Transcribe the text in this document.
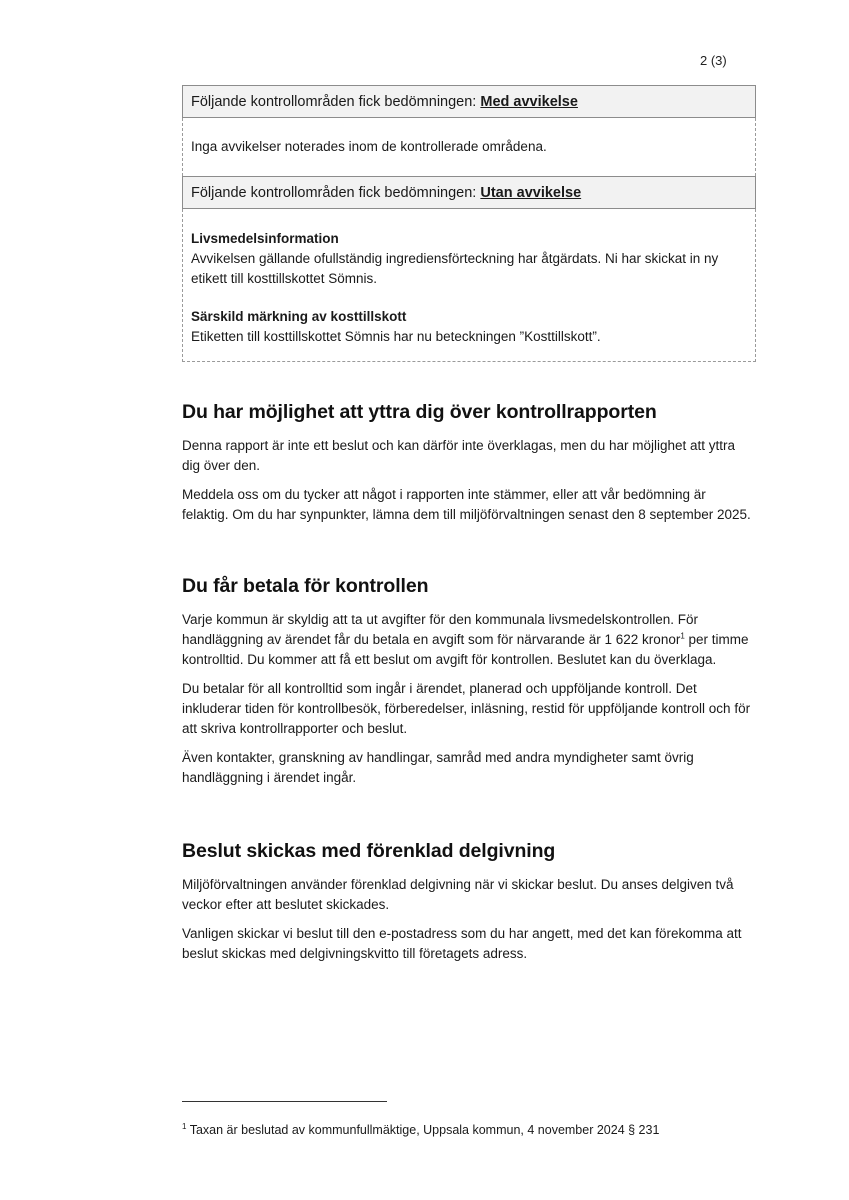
2 (3)
Följande kontrollområden fick bedömningen: Med avvikelse
Inga avvikelser noterades inom de kontrollerade områdena.
Följande kontrollområden fick bedömningen: Utan avvikelse

Livsmedelsinformation

Avvikelsen gällande ofullständig ingrediensförteckning har åtgärdats. Ni har skickat in ny etikett till kosttillskottet Sömnis.

Särskild märkning av kosttillskott

Etiketten till kosttillskottet Sömnis har nu beteckningen ”Kosttillskott”.

Du har möjlighet att yttra dig över kontrollrapporten

Denna rapport är inte ett beslut och kan därför inte överklagas, men du har möjlighet att yttra dig över den.

Meddela oss om du tycker att något i rapporten inte stämmer, eller att vår bedömning är felaktig. Om du har synpunkter, lämna dem till miljöförvaltningen senast den 8 september 2025.

Du får betala för kontrollen

Varje kommun är skyldig att ta ut avgifter för den kommunala livsmedelskontrollen. För handläggning av ärendet får du betala en avgift som för närvarande är 1 622 kronor$^1$ per timme kontrolltid. Du kommer att få ett beslut om avgift för kontrollen. Beslutet kan du överklaga.

Du betalar för all kontrolltid som ingår i ärendet, planerad och uppföljande kontroll. Det inkluderar tiden för kontrollbesök, förberedelser, inläsning, restid för uppföljande kontroll och för att skriva kontrollrapporter och beslut.

Även kontakter, granskning av handlingar, samråd med andra myndigheter samt övrig handläggning i ärendet ingår.

Beslut skickas med förenklad delgivning

Miljöförvaltningen använder förenklad delgivning när vi skickar beslut. Du anses delgiven två veckor efter att beslutet skickades.

Vanligen skickar vi beslut till den e-postadress som du har angett, med det kan förekomma att beslut skickas med delgivningskvitto till företagets adress.

$^1$ Taxan är beslutad av kommunfullmäktige, Uppsala kommun, 4 november 2024 § 231
